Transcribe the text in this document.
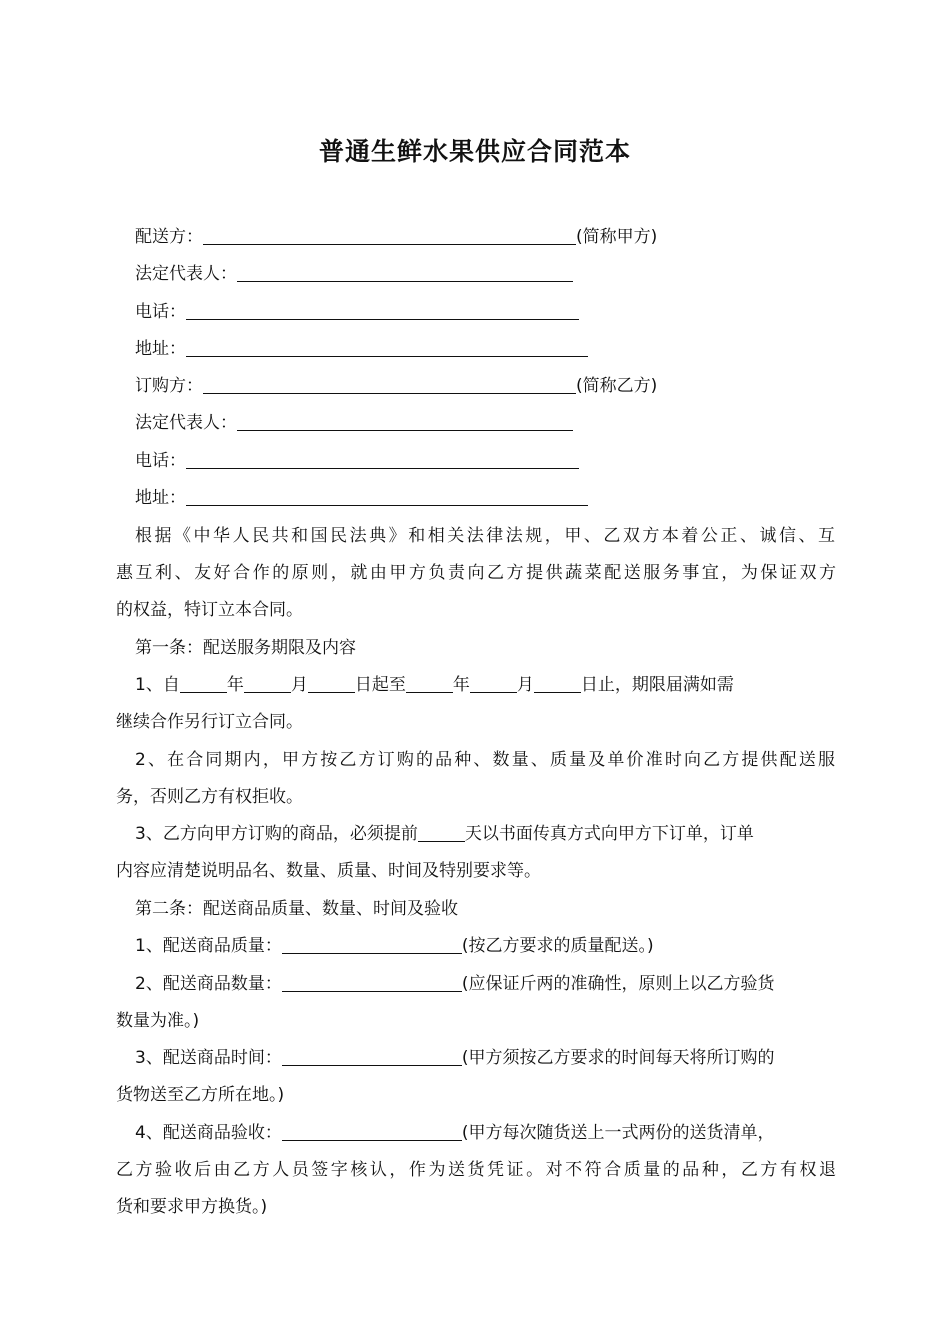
普通生鲜水果供应合同范本
配送方：	(简称甲方)
法定代表人：
电话：
地址：
订购方：	(简称乙方)
法定代表人：
电话：
地址：
根据《中华人民共和国民法典》和相关法律法规，甲、乙双方本着公正、诚信、互
惠互利、友好合作的原则，就由甲方负责向乙方提供蔬菜配送服务事宜，为保证双方
的权益，特订立本合同。
第一条：配送服务期限及内容
1、自	年	月	日起至	年	月	日止，期限届满如需
继续合作另行订立合同。
2、在合同期内，甲方按乙方订购的品种、数量、质量及单价准时向乙方提供配送服
务，否则乙方有权拒收。
3、乙方向甲方订购的商品，必须提前	天以书面传真方式向甲方下订单，订单
内容应清楚说明品名、数量、质量、时间及特别要求等。
第二条：配送商品质量、数量、时间及验收
1、配送商品质量：	(按乙方要求的质量配送。)
2、配送商品数量：	(应保证斤两的准确性，原则上以乙方验货
数量为准。)
3、配送商品时间：	(甲方须按乙方要求的时间每天将所订购的
货物送至乙方所在地。)
4、配送商品验收：	(甲方每次随货送上一式两份的送货清单，
乙方验收后由乙方人员签字核认，作为送货凭证。对不符合质量的品种，乙方有权退
货和要求甲方换货。)
